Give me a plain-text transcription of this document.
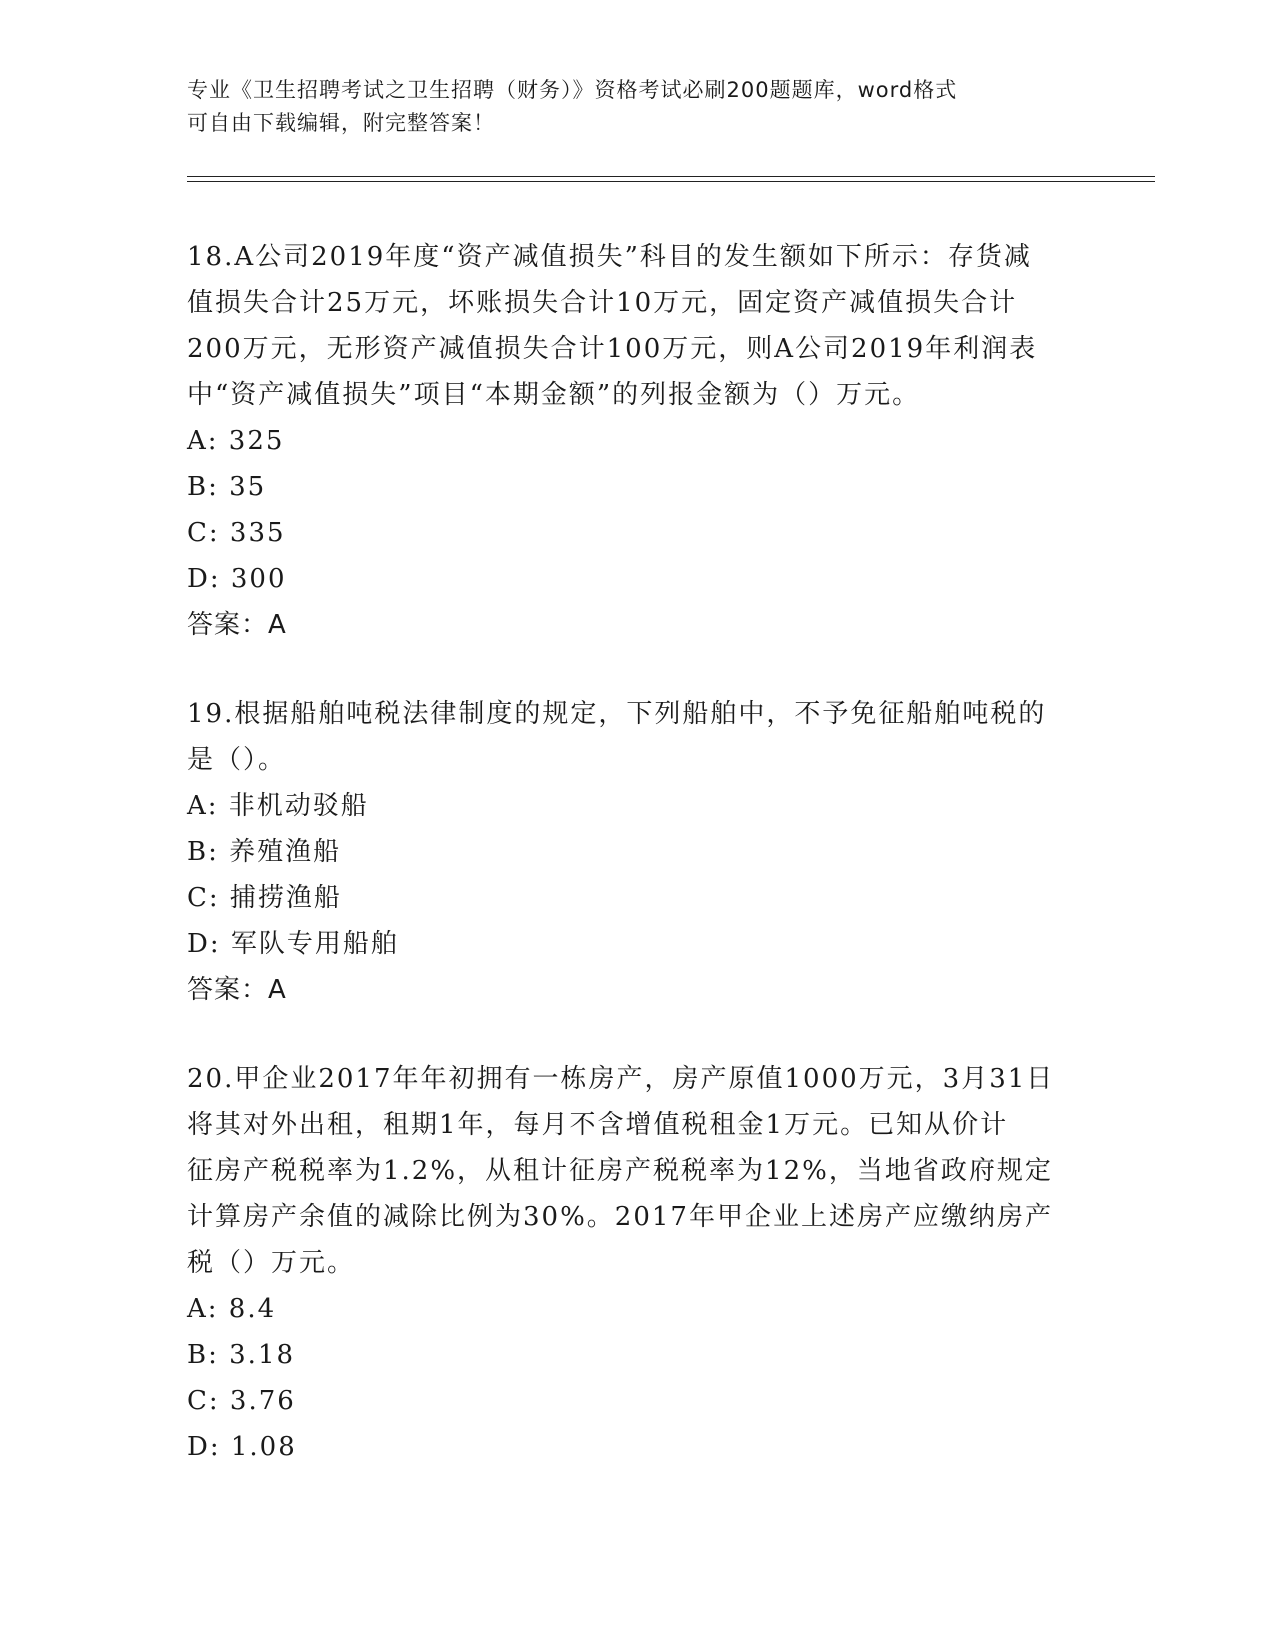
专业《卫生招聘考试之卫生招聘（财务）》资格考试必刷200题题库，word格式
可自由下载编辑，附完整答案！

18.A公司2019年度“资产减值损失”科目的发生额如下所示：存货减

值损失合计25万元，坏账损失合计10万元，固定资产减值损失合计

200万元，无形资产减值损失合计100万元，则A公司2019年利润表

中“资产减值损失”项目“本期金额”的列报金额为（）万元。

A: 325

B: 35

C: 335

D: 300

答案：A

19.根据船舶吨税法律制度的规定，下列船舶中，不予免征船舶吨税的

是（）。

A: 非机动驳船

B: 养殖渔船

C: 捕捞渔船

D: 军队专用船舶

答案：A

20.甲企业2017年年初拥有一栋房产，房产原值1000万元，3月31日

将其对外出租，租期1年，每月不含增值税租金1万元。已知从价计

征房产税税率为1.2%，从租计征房产税税率为12%，当地省政府规定

计算房产余值的减除比例为30%。2017年甲企业上述房产应缴纳房产

税（）万元。

A: 8.4

B: 3.18

C: 3.76

D: 1.08
